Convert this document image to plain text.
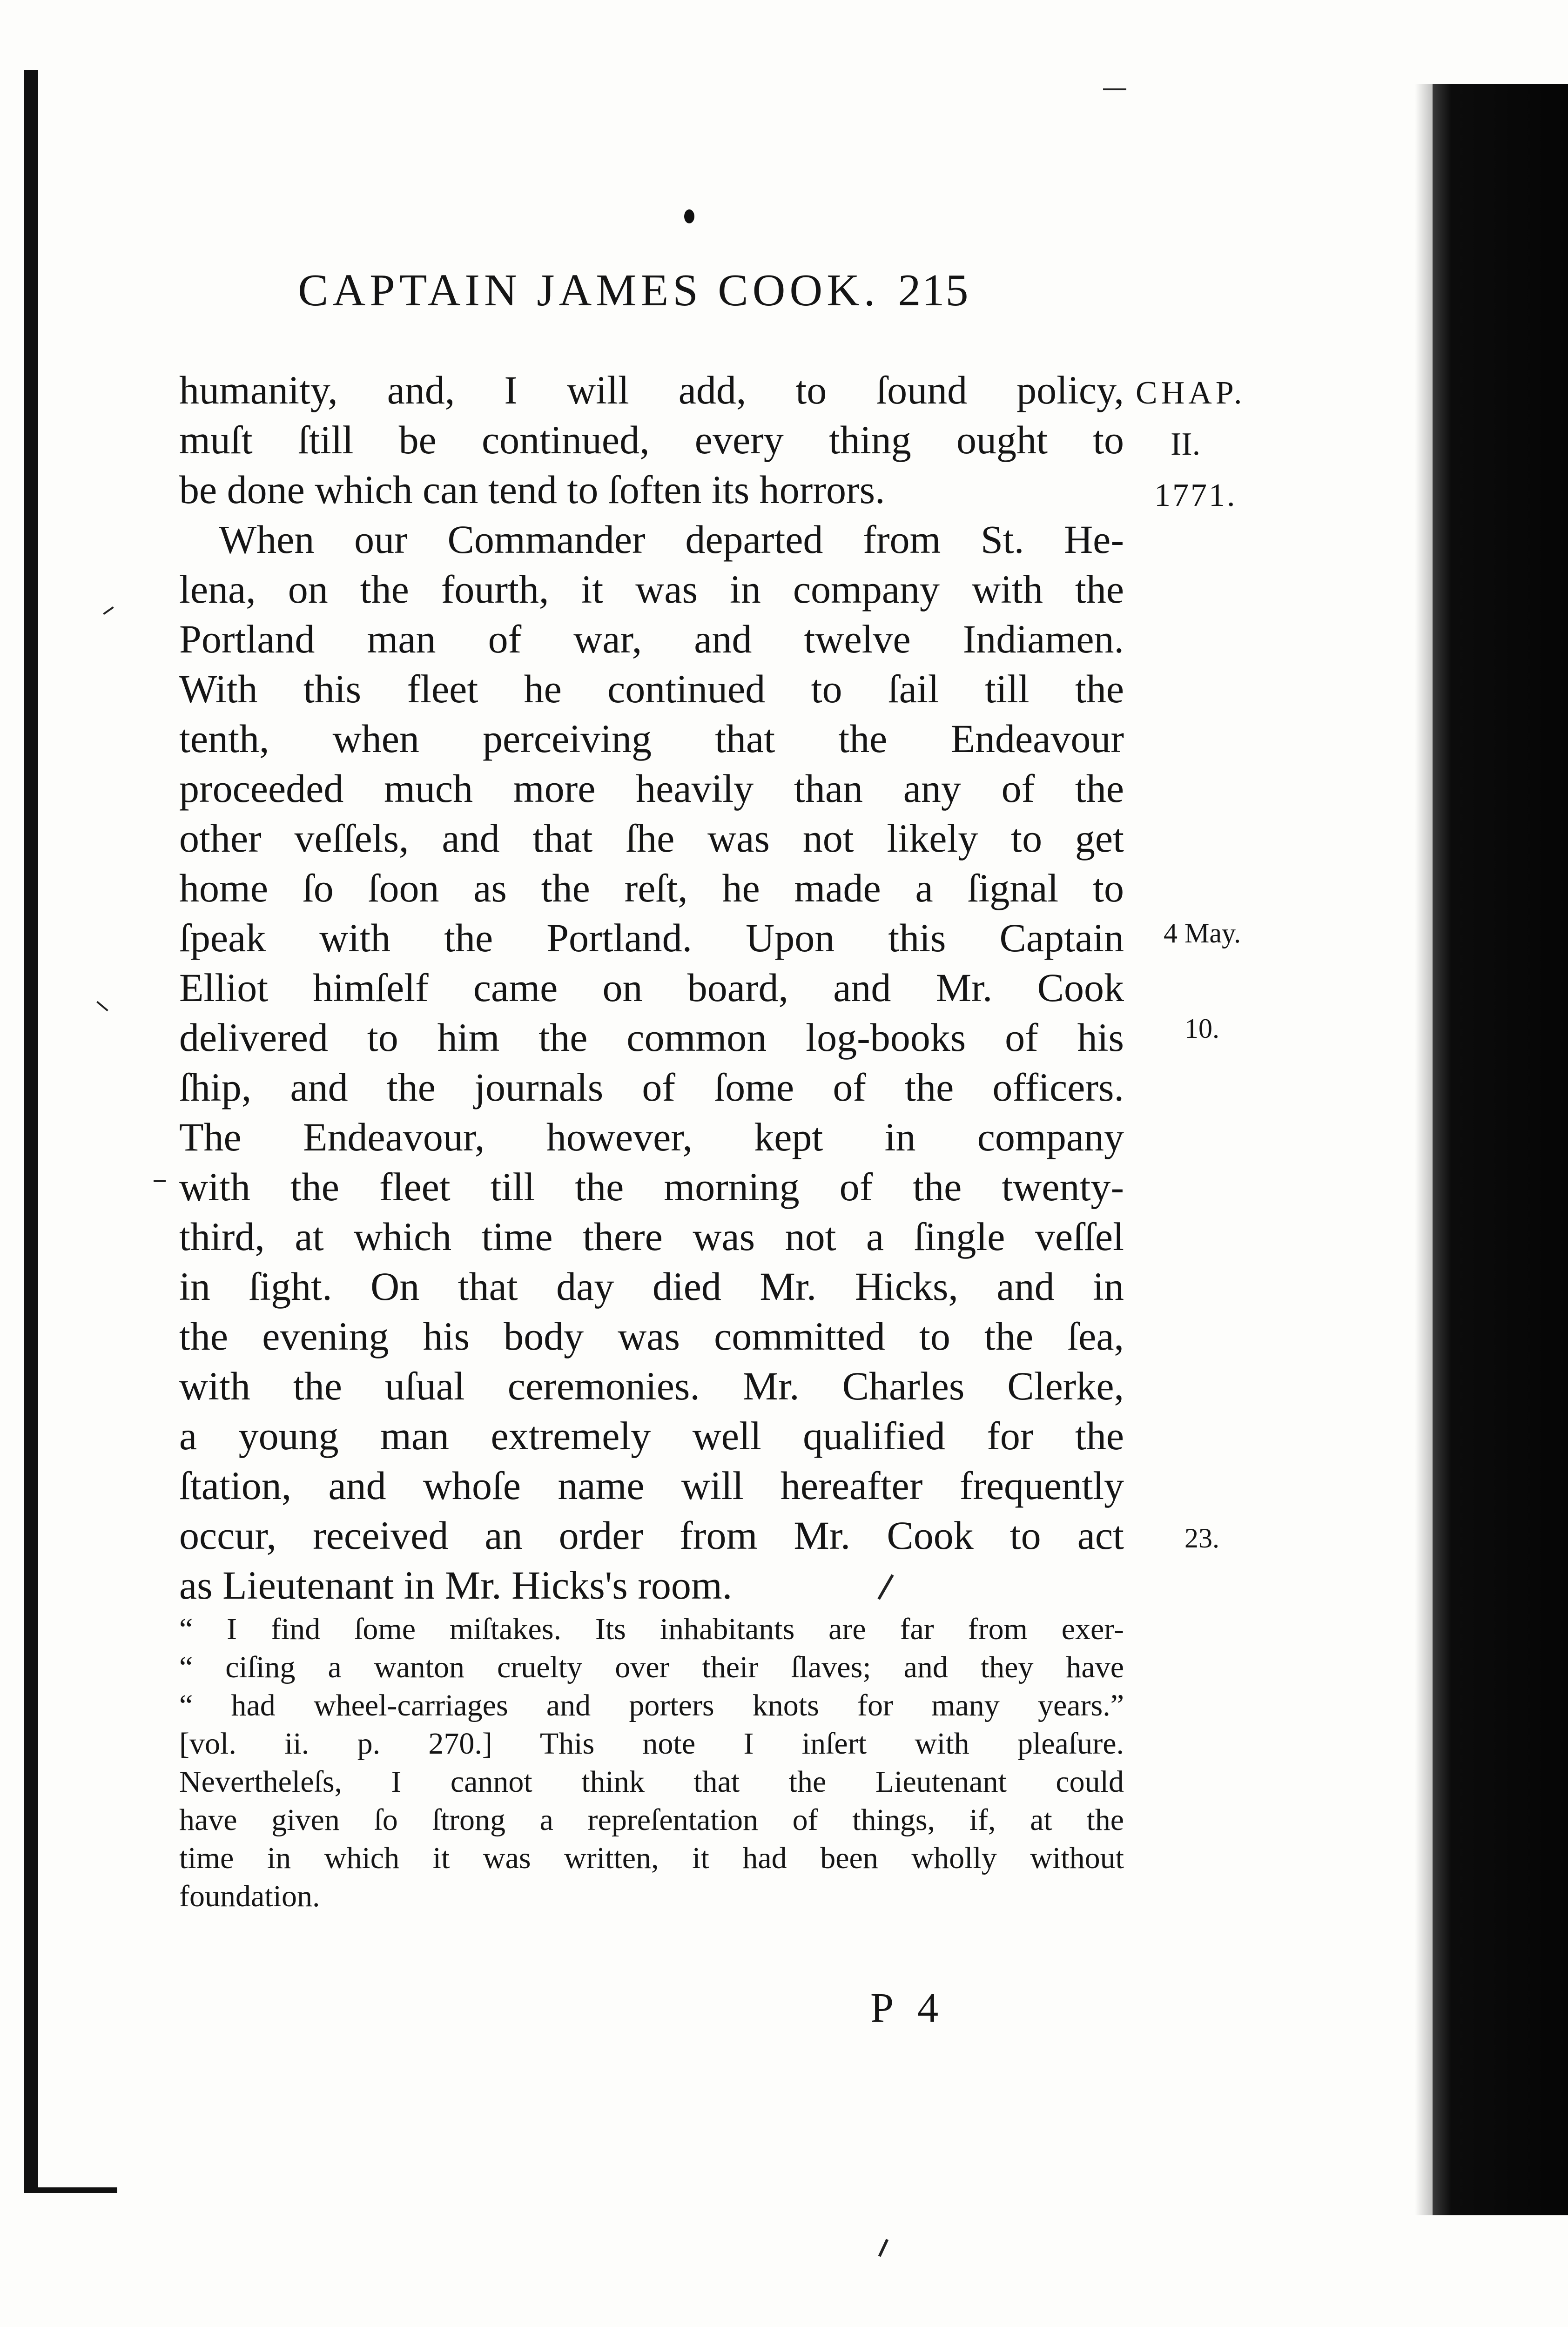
CAPTAIN JAMES COOK. 215
humanity, and, I will add, to ſound policy,
muſt ſtill be continued, every thing ought to
be done which can tend to ſoften its horrors.
When our Commander departed from St. He-
lena, on the fourth, it was in company with the
Portland man of war, and twelve Indiamen.
With this fleet he continued to ſail till the
tenth, when perceiving that the Endeavour
proceeded much more heavily than any of the
other veſſels, and that ſhe was not likely to get
home ſo ſoon as the reſt, he made a ſignal to
ſpeak with the Portland. Upon this Captain
Elliot himſelf came on board, and Mr. Cook
delivered to him the common log-books of his
ſhip, and the journals of ſome of the officers.
The Endeavour, however, kept in company
with the fleet till the morning of the twenty-
third, at which time there was not a ſingle veſſel
in ſight. On that day died Mr. Hicks, and in
the evening his body was committed to the ſea,
with the uſual ceremonies. Mr. Charles Clerke,
a young man extremely well qualified for the
ſtation, and whoſe name will hereafter frequently
occur, received an order from Mr. Cook to act
as Lieutenant in Mr. Hicks's room.
CHAP.
II.
1771.
4 May.
10.
23.
“ I find ſome miſtakes. Its inhabitants are far from exer-
“ ciſing a wanton cruelty over their ſlaves; and they have
“ had wheel-carriages and porters knots for many years.”
[vol. ii. p. 270.] This note I inſert with pleaſure.
Nevertheleſs, I cannot think that the Lieutenant could
have given ſo ſtrong a repreſentation of things, if, at the
time in which it was written, it had been wholly without
foundation.
P 4
